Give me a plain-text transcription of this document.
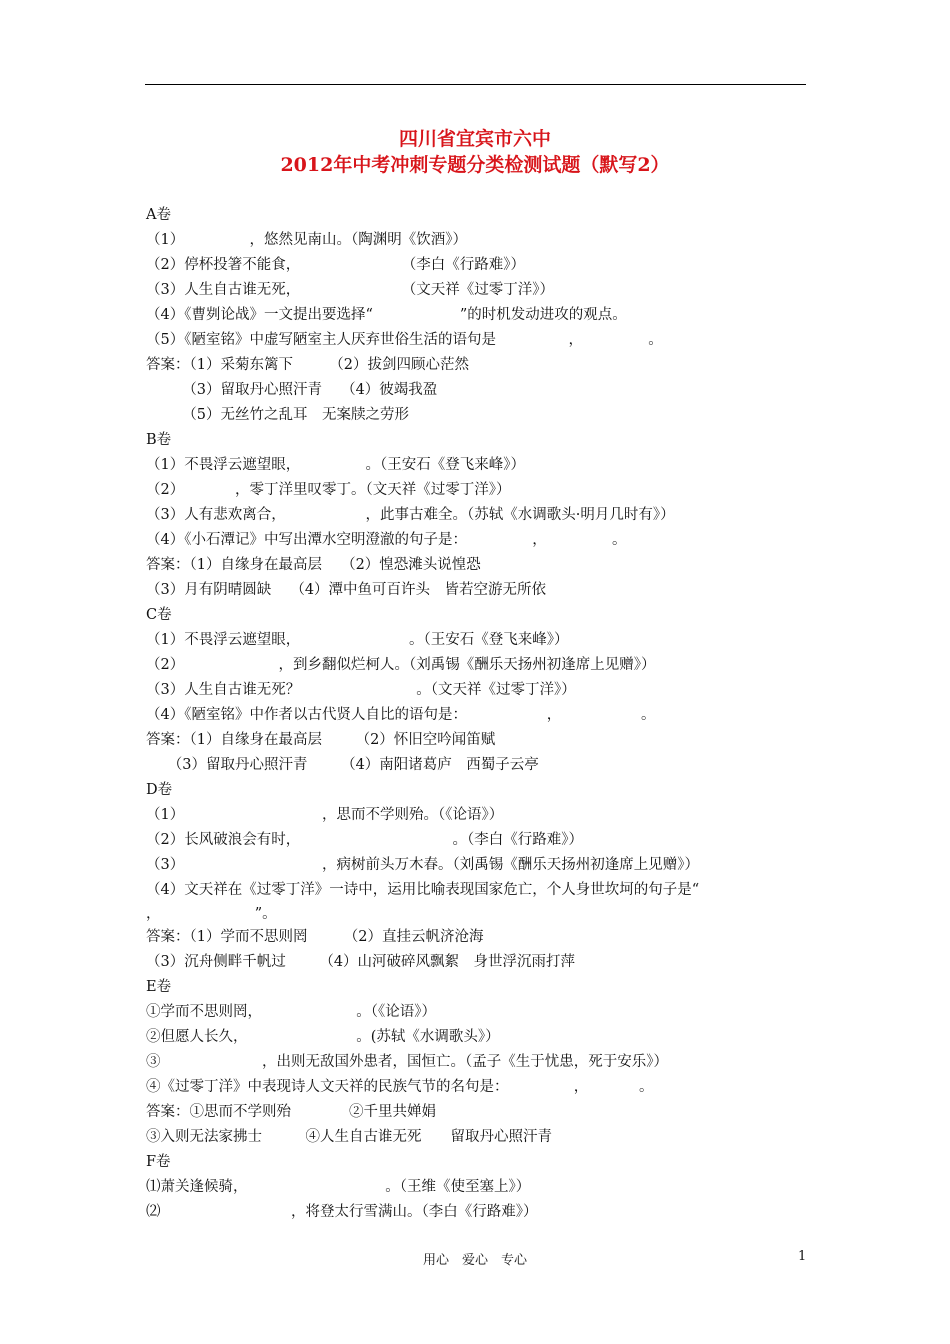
四川省宜宾市六中
2012年中考冲刺专题分类检测试题（默写2）
A卷
（1）　　　　　，悠然见南山。（陶渊明《饮酒》）
（2）停杯投箸不能食，　　　　　　　　（李白《行路难》）
（3）人生自古谁无死，　　　　　　　　（文天祥《过零丁洋》）
（4）《曹刿论战》一文提出要选择“　　　　　　”的时机发动进攻的观点。
（5）《陋室铭》中虚写陋室主人厌弃世俗生活的语句是　　　　　，　　　　　。
答案：（1）采菊东篱下　　　（2）拔剑四顾心茫然
　　　（3）留取丹心照汗青　 （4）彼竭我盈
　　　（5）无丝竹之乱耳　无案牍之劳形
B卷
（1）不畏浮云遮望眼，　　　　　。（王安石《登飞来峰》）
（2）　　　　，零丁洋里叹零丁。（文天祥《过零丁洋》）
（3）人有悲欢离合，　　　　　　，此事古难全。（苏轼《水调歌头·明月几时有》）
（4）《小石潭记》中写出潭水空明澄澈的句子是：　　　　　，　　　　　。
答案：（1）自缘身在最高层　 （2）惶恐滩头说惶恐
（3）月有阴晴圆缺　 （4）潭中鱼可百许头　皆若空游无所依
C卷
（1）不畏浮云遮望眼，　　　　　　　　。（王安石《登飞来峰》）
（2）　　　　　　　，到乡翻似烂柯人。（刘禹锡《酬乐天扬州初逢席上见赠》）
（3）人生自古谁无死？　　　　　　　　。（文天祥《过零丁洋》）
（4）《陋室铭》中作者以古代贤人自比的语句是：　　　　　　，　　　　　　。
答案：（1）自缘身在最高层　　 （2）怀旧空吟闻笛赋
　　（3）留取丹心照汗青　　 （4）南阳诸葛庐　西蜀子云亭
D卷
（1）　　　　　　　　　　，思而不学则殆。（《论语》）
（2）长风破浪会有时，　　　　　　　　　　　。（李白《行路难》）
（3）　　　　　　　　　　，病树前头万木春。（刘禹锡《酬乐天扬州初逢席上见赠》）
（4）文天祥在《过零丁洋》一诗中，运用比喻表现国家危亡，个人身世坎坷的句子是“
，　　　　　　　”。
答案：（1）学而不思则罔　　　（2）直挂云帆济沧海
（3）沉舟侧畔千帆过　　 （4）山河破碎风飘絮　身世浮沉雨打萍
E卷
①学而不思则罔，　　　　　　　。（《论语》）
②但愿人长久，　　　　　　　　。(苏轼《水调歌头》）
③　　　　　　　，出则无敌国外患者，国恒亡。（孟子《生于忧患，死于安乐》）
④《过零丁洋》中表现诗人文天祥的民族气节的名句是：　　　　　，　　　　。
答案：①思而不学则殆　　　　②千里共婵娟
③入则无法家拂士　　　④人生自古谁无死　　留取丹心照汗青
F卷
⑴萧关逢候骑，　　　　　　　　　　。（王维《使至塞上》）
⑵　　　　　　　　　，将登太行雪满山。（李白《行路难》）
用心　爱心　专心	1
